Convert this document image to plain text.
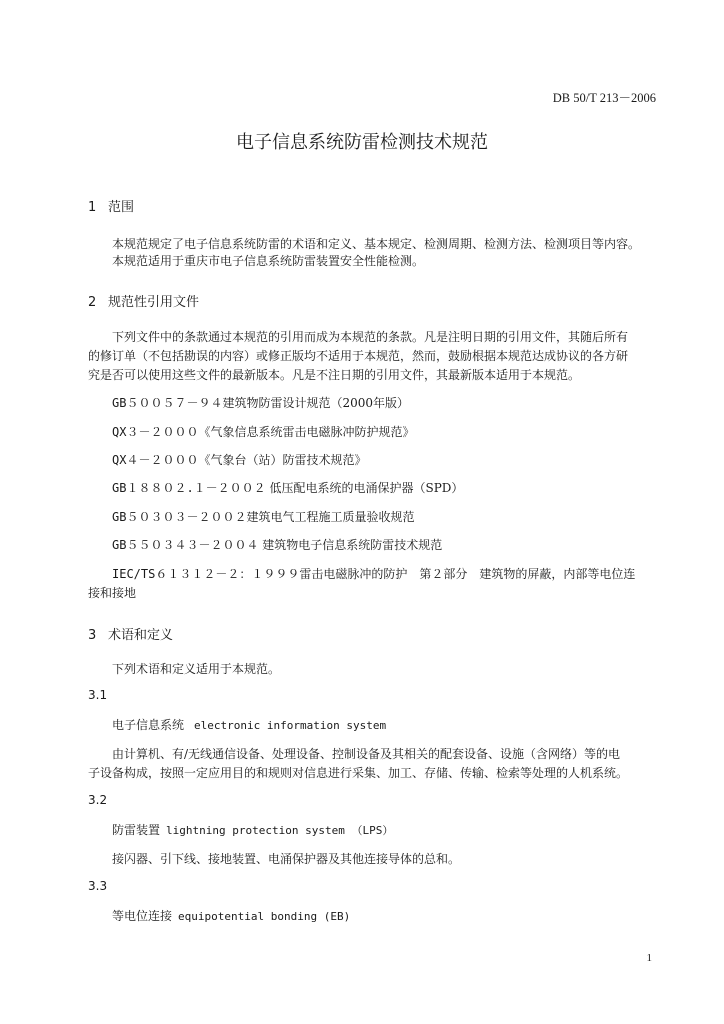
DB 50/T 213－2006
电子信息系统防雷检测技术规范
1 范围
本规范规定了电子信息系统防雷的术语和定义、基本规定、检测周期、检测方法、检测项目等内容。
本规范适用于重庆市电子信息系统防雷装置安全性能检测。
2 规范性引用文件
下列文件中的条款通过本规范的引用而成为本规范的条款。凡是注明日期的引用文件，其随后所有
的修订单（不包括勘误的内容）或修正版均不适用于本规范，然而，鼓励根据本规范达成协议的各方研
究是否可以使用这些文件的最新版本。凡是不注日期的引用文件，其最新版本适用于本规范。
GB５００５７－９４建筑物防雷设计规范（2000年版）
QX３－２０００《气象信息系统雷击电磁脉冲防护规范》
QX４－２０００《气象台（站）防雷技术规范》
GB１８８０２.１－２００２ 低压配电系统的电涌保护器（SPD）
GB５０３０３－２００２建筑电气工程施工质量验收规范
GB５５０３４３－２００４ 建筑物电子信息系统防雷技术规范
IEC/TS６１３１２－２：１９９９雷击电磁脉冲的防护　第２部分　建筑物的屏蔽，内部等电位连
接和接地
3 术语和定义
下列术语和定义适用于本规范。
3.1
电子信息系统 electronic information system
由计算机、有/无线通信设备、处理设备、控制设备及其相关的配套设备、设施（含网络）等的电
子设备构成，按照一定应用目的和规则对信息进行采集、加工、存储、传输、检索等处理的人机系统。
3.2
防雷装置 lightning protection system （LPS）
接闪器、引下线、接地装置、电涌保护器及其他连接导体的总和。
3.3
等电位连接 equipotential bonding (EB)
1
